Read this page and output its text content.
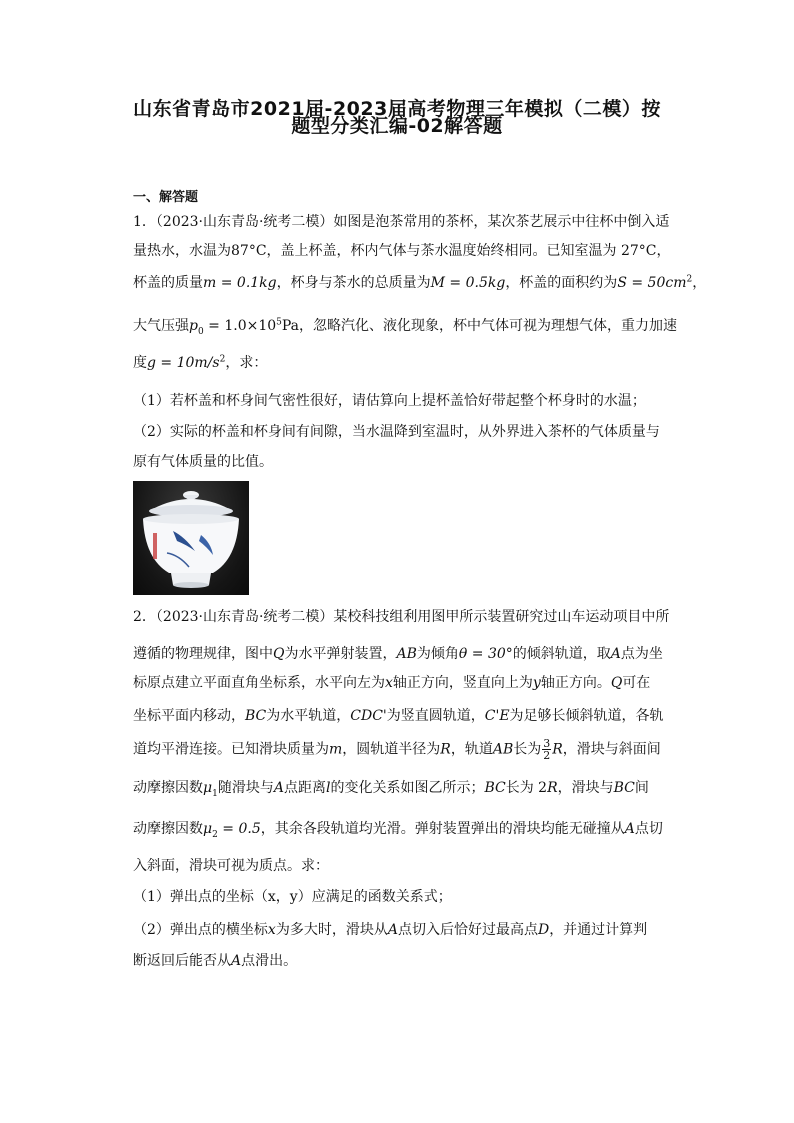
山东省青岛市2021届-2023届高考物理三年模拟（二模）按
题型分类汇编-02解答题
一、解答题
1．（2023·山东青岛·统考二模）如图是泡茶常用的茶杯，某次茶艺展示中往杯中倒入适
量热水，水温为87°C，盖上杯盖，杯内气体与茶水温度始终相同。已知室温为 27°C，
杯盖的质量m = 0.1kg，杯身与茶水的总质量为M = 0.5kg，杯盖的面积约为$S = 50cm^2$，
大气压强$p_0 = 1.0\times 10^5Pa$，忽略汽化、液化现象，杯中气体可视为理想气体，重力加速
度$g = 10m/s^2$，求：
（1）若杯盖和杯身间气密性很好，请估算向上提杯盖恰好带起整个杯身时的水温；
（2）实际的杯盖和杯身间有间隙，当水温降到室温时，从外界进入茶杯的气体质量与
原有气体质量的比值。
2．（2023·山东青岛·统考二模）某校科技组利用图甲所示装置研究过山车运动项目中所
遵循的物理规律，图中Q为水平弹射装置，AB为倾角θ = 30°的倾斜轨道，取A点为坐
标原点建立平面直角坐标系，水平向左为x轴正方向，竖直向上为y轴正方向。Q可在
坐标平面内移动，BC为水平轨道，CDC'为竖直圆轨道，C'E为足够长倾斜轨道，各轨
道均平滑连接。已知滑块质量为m，圆轨道半径为R，轨道AB长为 $\frac{3}{2}$ R，滑块与斜面间
动摩擦因数$\mu_1$随滑块与A点距离l的变化关系如图乙所示；BC长为 2R，滑块与BC间
动摩擦因数$\mu_2 = 0.5$，其余各段轨道均光滑。弹射装置弹出的滑块均能无碰撞从A点切
入斜面，滑块可视为质点。求：
（1）弹出点的坐标（x，y）应满足的函数关系式；
（2）弹出点的横坐标x为多大时，滑块从A点切入后恰好过最高点D，并通过计算判
断返回后能否从A点滑出。
